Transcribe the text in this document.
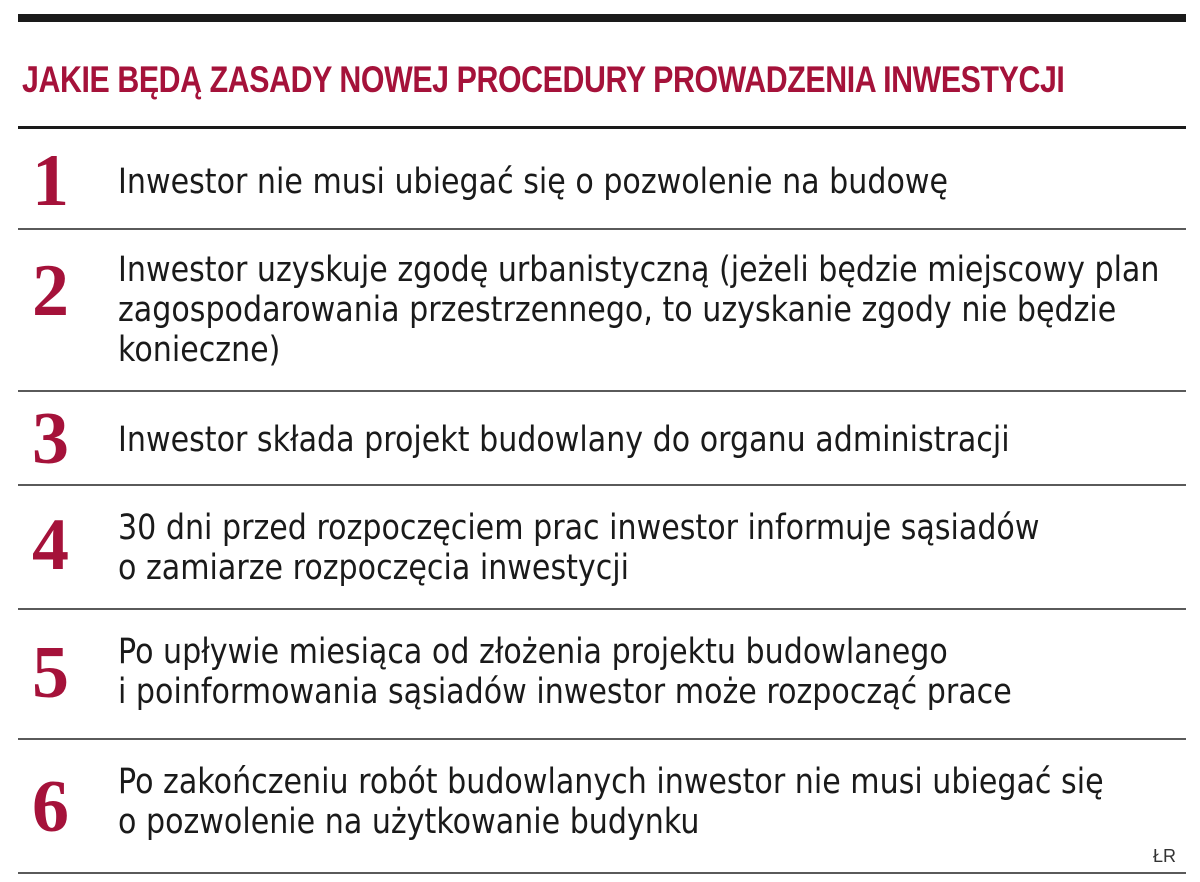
JAKIE BĘDĄ ZASADY NOWEJ PROCEDURY PROWADZENIA INWESTYCJI
1	Inwestor nie musi ubiegać się o pozwolenie na budowę
2	Inwestor uzyskuje zgodę urbanistyczną (jeżeli będzie miejscowy plan
zagospodarowania przestrzennego, to uzyskanie zgody nie będzie
konieczne)
3	Inwestor składa projekt budowlany do organu administracji
4	30 dni przed rozpoczęciem prac inwestor informuje sąsiadów
o zamiarze rozpoczęcia inwestycji
5	Po upływie miesiąca od złożenia projektu budowlanego
i poinformowania sąsiadów inwestor może rozpocząć prace
6	Po zakończeniu robót budowlanych inwestor nie musi ubiegać się
o pozwolenie na użytkowanie budynku
ŁR
